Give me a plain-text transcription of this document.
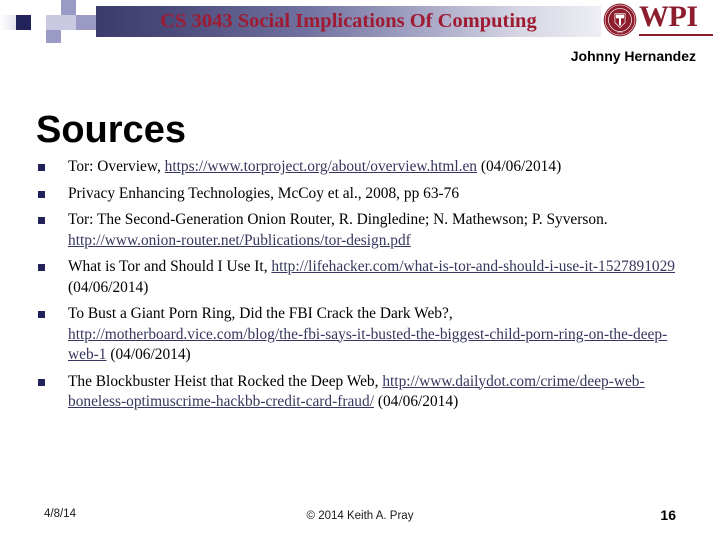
CS 3043 Social Implications Of Computing	1865 WPI
Johnny Hernandez
Sources
Tor: Overview, https://www.torproject.org/about/overview.html.en (04/06/2014)
Privacy Enhancing Technologies, McCoy et al., 2008, pp 63-76
Tor: The Second-Generation Onion Router, R. Dingledine; N. Mathewson; P. Syverson. http://www.onion-router.net/Publications/tor-design.pdf
What is Tor and Should I Use It, http://lifehacker.com/what-is-tor-and-should-i-use-it-1527891029 (04/06/2014)
To Bust a Giant Porn Ring, Did the FBI Crack the Dark Web?, http://motherboard.vice.com/blog/the-fbi-says-it-busted-the-biggest-child-porn-ring-on-the-deep-web-1 (04/06/2014)
The Blockbuster Heist that Rocked the Deep Web, http://www.dailydot.com/crime/deep-web-boneless-optimuscrime-hackbb-credit-card-fraud/ (04/06/2014)
4/8/14	© 2014 Keith A. Pray	16
